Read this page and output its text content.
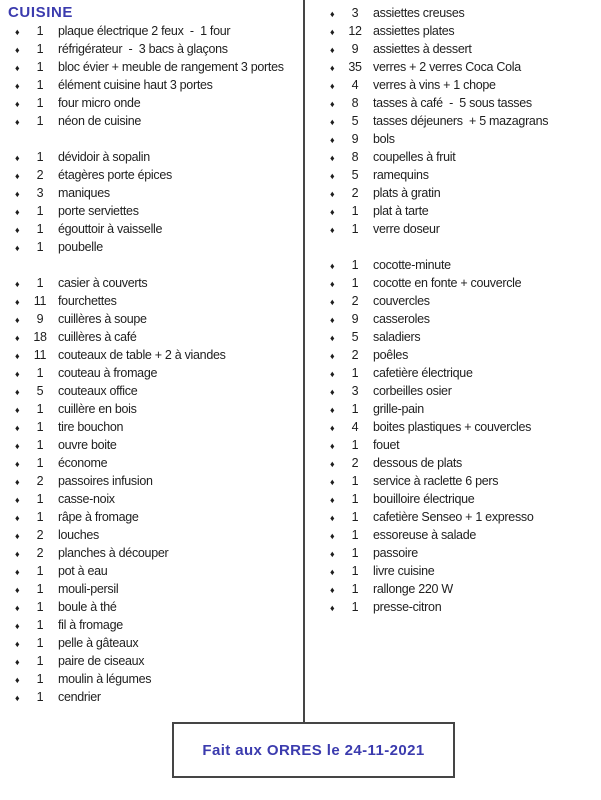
CUISINE
♦	1	plaque électrique 2 feux  -  1 four
♦	1	réfrigérateur  -  3 bacs à glaçons
♦	1	bloc évier + meuble de rangement 3 portes
♦	1	élément cuisine haut 3 portes
♦	1	four micro onde
♦	1	néon de cuisine
♦	1	dévidoir à sopalin
♦	2	étagères porte épices
♦	3	maniques
♦	1	porte serviettes
♦	1	égouttoir à vaisselle
♦	1	poubelle
♦	1	casier à couverts
♦	11 fourchettes
♦	9	cuillères à soupe
♦	18 cuillères à café
♦	11 couteaux de table + 2 à viandes
♦	1	couteau à fromage
♦	5	couteaux office
♦	1	cuillère en bois
♦	1	tire bouchon
♦	1	ouvre boite
♦	1	économe
♦	2	passoires infusion
♦	1	casse-noix
♦	1	râpe à fromage
♦	2	louches
♦	2	planches à découper
♦	1	pot à eau
♦	1	mouli-persil
♦	1	boule à thé
♦	1	fil à fromage
♦	1	pelle à gâteaux
♦	1	paire de ciseaux
♦	1	moulin à légumes
♦	1	cendrier
♦	3	assiettes creuses
♦	12 assiettes plates
♦	9	assiettes à dessert
♦	35 verres + 2 verres Coca Cola
♦	4	verres à vins + 1 chope
♦	8	tasses à café  -  5 sous tasses
♦	5	tasses déjeuners  + 5 mazagrans
♦	9	bols
♦	8	coupelles à fruit
♦	5	ramequins
♦	2	plats à gratin
♦	1	plat à tarte
♦	1	verre doseur
♦	1	cocotte-minute
♦	1	cocotte en fonte + couvercle
♦	2	couvercles
♦	9	casseroles
♦	5	saladiers
♦	2	poêles
♦	1	cafetière électrique
♦	3	corbeilles osier
♦	1	grille-pain
♦	4	boites plastiques + couvercles
♦	1	fouet
♦	2	dessous de plats
♦	1	service à raclette 6 pers
♦	1	bouilloire électrique
♦	1	cafetière Senseo + 1 expresso
♦	1	essoreuse à salade
♦	1	passoire
♦	1	livre cuisine
♦	1	rallonge 220 W
♦	1	presse-citron
Fait aux ORRES le 24-11-2021
